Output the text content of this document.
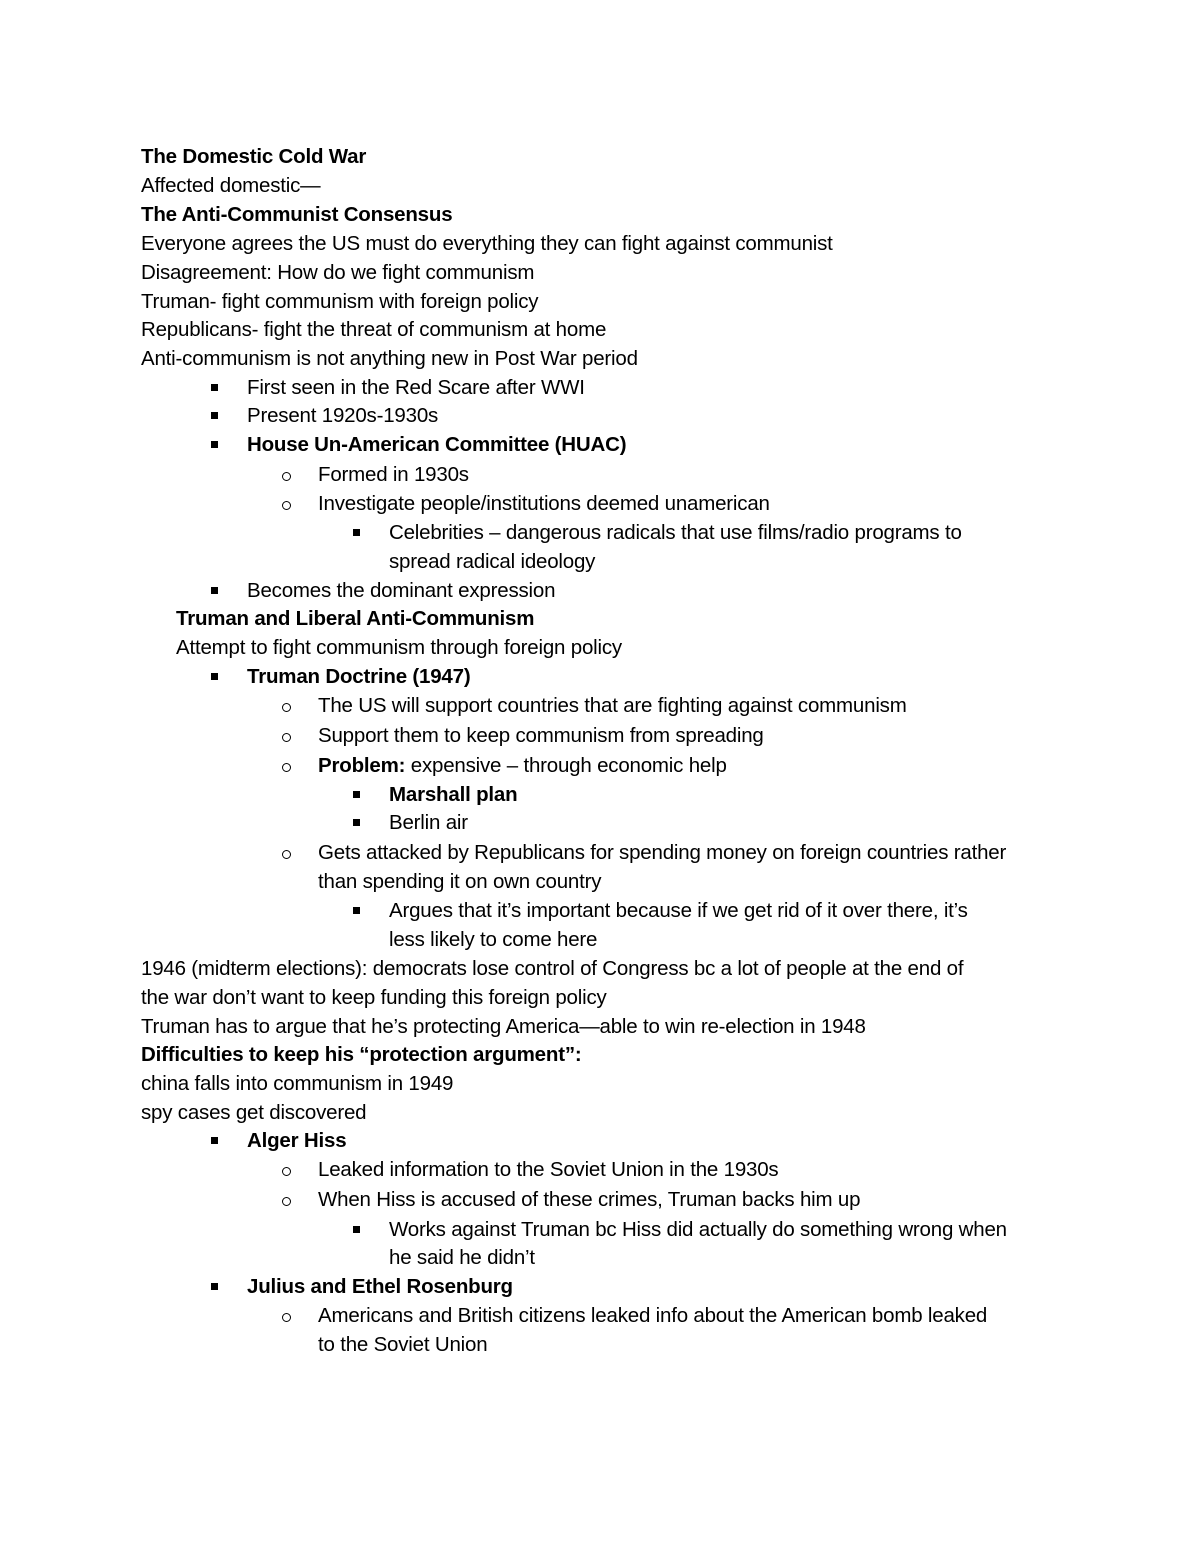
The Domestic Cold War
Affected domestic—
The Anti-Communist Consensus
Everyone agrees the US must do everything they can fight against communist
Disagreement: How do we fight communism
Truman- fight communism with foreign policy
Republicans- fight the threat of communism at home
Anti-communism is not anything new in Post War period
First seen in the Red Scare after WWI
Present 1920s-1930s
House Un-American Committee (HUAC)
Formed in 1930s
Investigate people/institutions deemed unamerican
Celebrities – dangerous radicals that use films/radio programs to
spread radical ideology
Becomes the dominant expression
Truman and Liberal Anti-Communism
Attempt to fight communism through foreign policy
Truman Doctrine (1947)
The US will support countries that are fighting against communism
Support them to keep communism from spreading
Problem: expensive – through economic help
Marshall plan
Berlin air
Gets attacked by Republicans for spending money on foreign countries rather
than spending it on own country
Argues that it’s important because if we get rid of it over there, it’s
less likely to come here
1946 (midterm elections): democrats lose control of Congress bc a lot of people at the end of
the war don’t want to keep funding this foreign policy
Truman has to argue that he’s protecting America—able to win re-election in 1948
Difficulties to keep his “protection argument”:
china falls into communism in 1949
spy cases get discovered
Alger Hiss
Leaked information to the Soviet Union in the 1930s
When Hiss is accused of these crimes, Truman backs him up
Works against Truman bc Hiss did actually do something wrong when
he said he didn’t
Julius and Ethel Rosenburg
Americans and British citizens leaked info about the American bomb leaked
to the Soviet Union
